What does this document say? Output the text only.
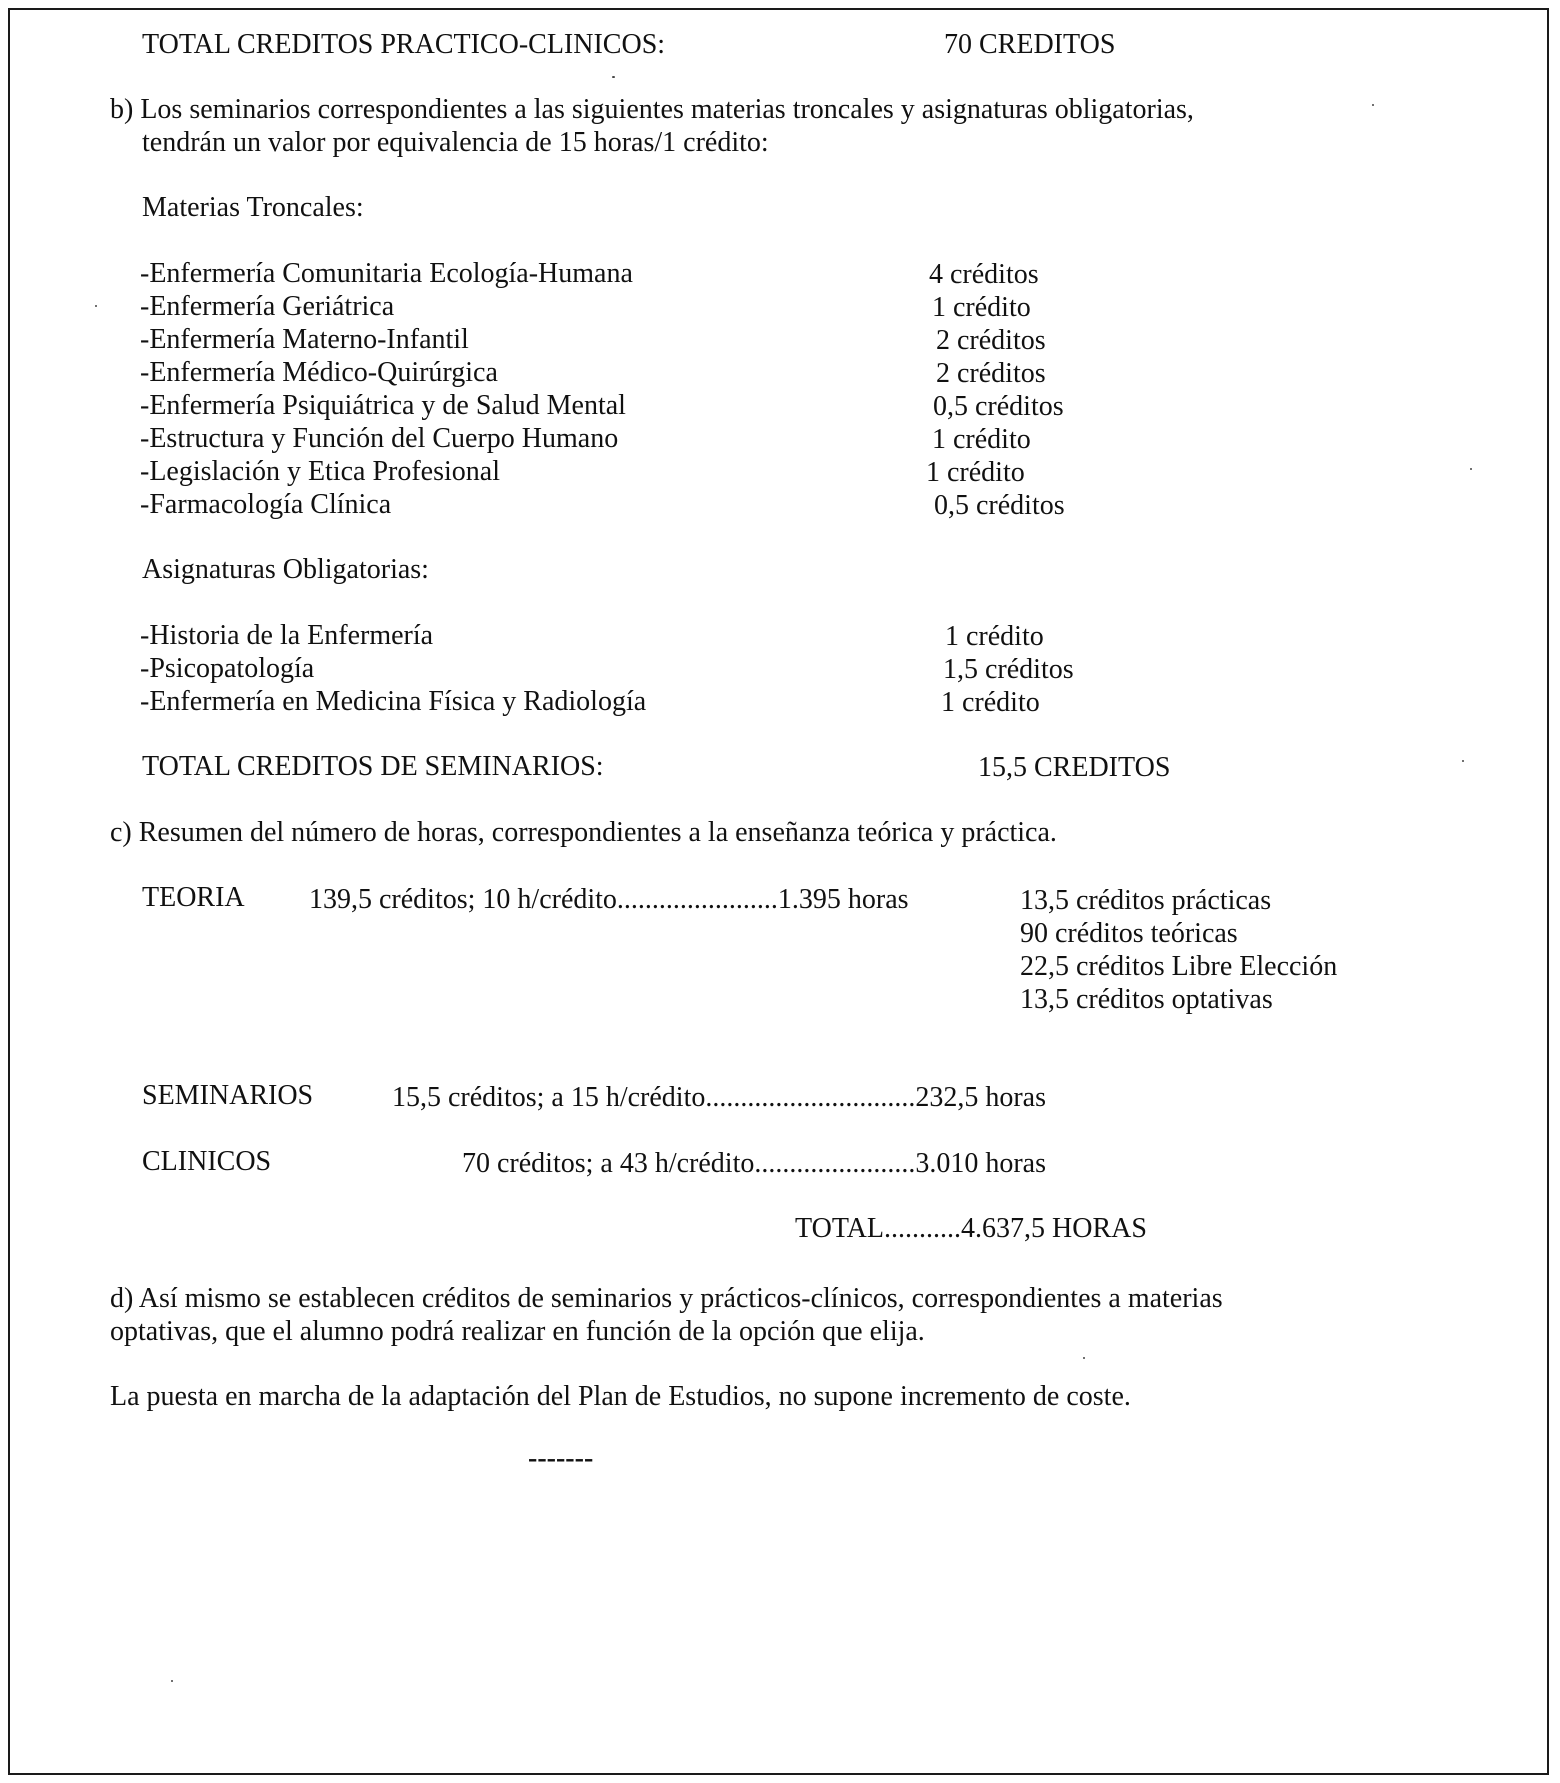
TOTAL CREDITOS PRACTICO-CLINICOS:	70 CREDITOS
b) Los seminarios correspondientes a las siguientes materias troncales y asignaturas obligatorias,
tendrán un valor por equivalencia de 15 horas/1 crédito:
Materias Troncales:
-Enfermería Comunitaria Ecología-Humana	4 créditos
-Enfermería Geriátrica	1 crédito
-Enfermería Materno-Infantil	2 créditos
-Enfermería Médico-Quirúrgica	2 créditos
-Enfermería Psiquiátrica y de Salud Mental	0,5 créditos
-Estructura y Función del Cuerpo Humano	1 crédito
-Legislación y Etica Profesional	1 crédito
-Farmacología Clínica	0,5 créditos
Asignaturas Obligatorias:
-Historia de la Enfermería	1 crédito
-Psicopatología	1,5 créditos
-Enfermería en Medicina Física y Radiología	1 crédito
TOTAL CREDITOS DE SEMINARIOS:	15,5 CREDITOS
c) Resumen del número de horas, correspondientes a la enseñanza teórica y práctica.
TEORIA 139,5 créditos; 10 h/crédito.......................1.395 horas	13,5 créditos prácticas
90 créditos teóricas
22,5 créditos Libre Elección
13,5 créditos optativas
SEMINARIOS	15,5 créditos; a 15 h/crédito..............................232,5 horas
CLINICOS	70 créditos; a 43 h/crédito.......................3.010 horas
TOTAL...........4.637,5 HORAS
d) Así mismo se establecen créditos de seminarios y prácticos-clínicos, correspondientes a materias
optativas, que el alumno podrá realizar en función de la opción que elija.
La puesta en marcha de la adaptación del Plan de Estudios, no supone incremento de coste.
-------
